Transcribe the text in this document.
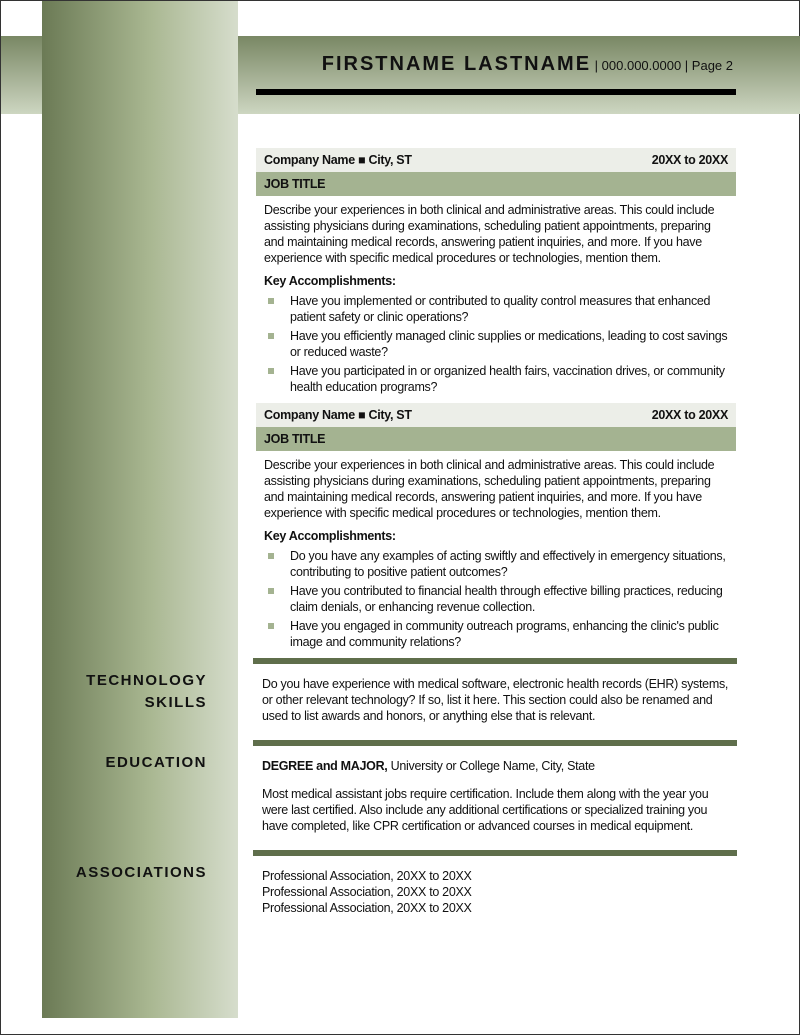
FIRSTNAME LASTNAME | 000.000.0000 | Page 2
Company Name ■ City, ST	20XX to 20XX
JOB TITLE
Describe your experiences in both clinical and administrative areas. This could include assisting physicians during examinations, scheduling patient appointments, preparing and maintaining medical records, answering patient inquiries, and more. If you have experience with specific medical procedures or technologies, mention them.
Key Accomplishments:
Have you implemented or contributed to quality control measures that enhanced patient safety or clinic operations?
Have you efficiently managed clinic supplies or medications, leading to cost savings or reduced waste?
Have you participated in or organized health fairs, vaccination drives, or community health education programs?
Company Name ■ City, ST	20XX to 20XX
JOB TITLE
Describe your experiences in both clinical and administrative areas. This could include assisting physicians during examinations, scheduling patient appointments, preparing and maintaining medical records, answering patient inquiries, and more. If you have experience with specific medical procedures or technologies, mention them.
Key Accomplishments:
Do you have any examples of acting swiftly and effectively in emergency situations, contributing to positive patient outcomes?
Have you contributed to financial health through effective billing practices, reducing claim denials, or enhancing revenue collection.
Have you engaged in community outreach programs, enhancing the clinic's public image and community relations?
TECHNOLOGY
SKILLS
Do you have experience with medical software, electronic health records (EHR) systems, or other relevant technology? If so, list it here. This section could also be renamed and used to list awards and honors, or anything else that is relevant.
EDUCATION	DEGREE and MAJOR, University or College Name, City, State
Most medical assistant jobs require certification. Include them along with the year you were last certified. Also include any additional certifications or specialized training you have completed, like CPR certification or advanced courses in medical equipment.
ASSOCIATIONS	Professional Association, 20XX to 20XX
Professional Association, 20XX to 20XX
Professional Association, 20XX to 20XX
